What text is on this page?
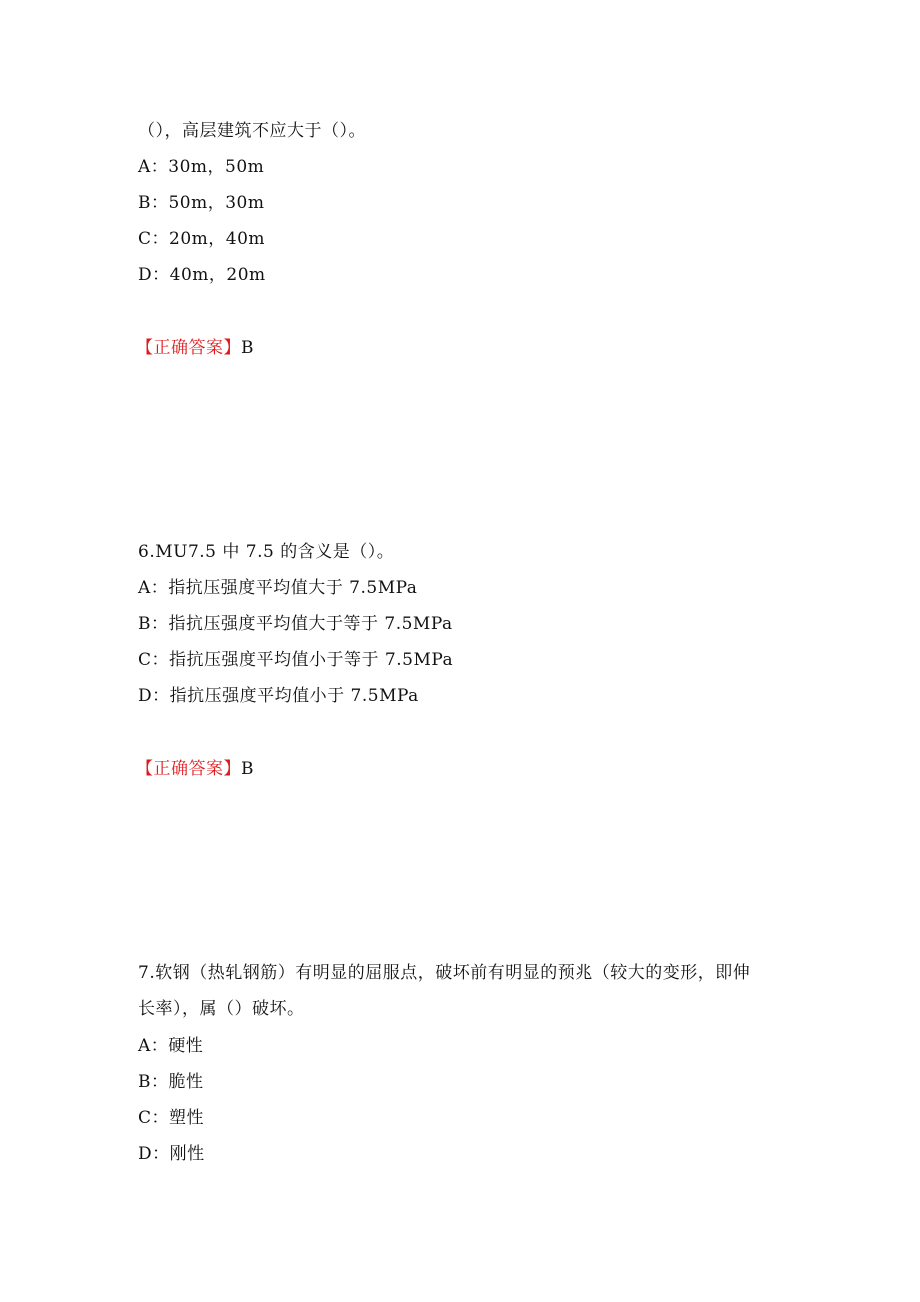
（），高层建筑不应大于（）。
A：30m，50m
B：50m，30m
C：20m，40m
D：40m，20m
【正确答案】B
6.MU7.5 中 7.5 的含义是（）。
A：指抗压强度平均值大于 7.5MPa
B：指抗压强度平均值大于等于 7.5MPa
C：指抗压强度平均值小于等于 7.5MPa
D：指抗压强度平均值小于 7.5MPa
【正确答案】B
7.软钢（热轧钢筋）有明显的屈服点，破坏前有明显的预兆（较大的变形，即伸
长率），属（）破坏。
A：硬性
B：脆性
C：塑性
D：刚性
